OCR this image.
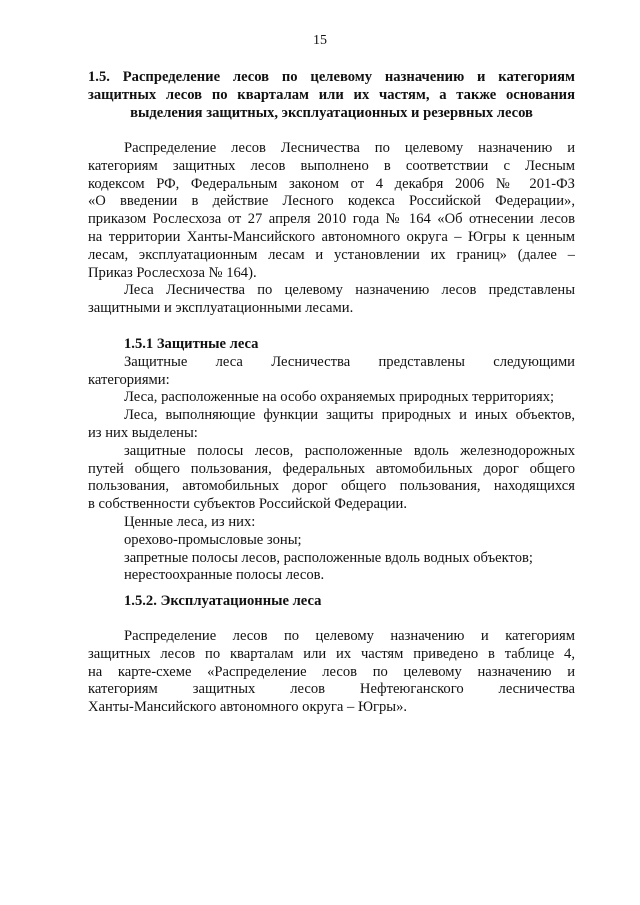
15
1.5. Распределение лесов по целевому назначению и категориям
защитных лесов по кварталам или их частям, а также основания
выделения защитных, эксплуатационных и резервных лесов
Распределение лесов Лесничества по целевому назначению и
категориям защитных лесов выполнено в соответствии с Лесным
кодексом РФ, Федеральным законом от 4 декабря 2006 № 201-ФЗ
«О введении в действие Лесного кодекса Российской Федерации»,
приказом Рослесхоза от 27 апреля 2010 года № 164 «Об отнесении лесов
на территории Ханты-Мансийского автономного округа – Югры к ценным
лесам, эксплуатационным лесам и установлении их границ» (далее –
Приказ Рослесхоза № 164).
Леса Лесничества по целевому назначению лесов представлены
защитными и эксплуатационными лесами.
1.5.1 Защитные леса
Защитные леса Лесничества представлены следующими
категориями:
Леса, расположенные на особо охраняемых природных территориях;
Леса, выполняющие функции защиты природных и иных объектов,
из них выделены:
защитные полосы лесов, расположенные вдоль железнодорожных
путей общего пользования, федеральных автомобильных дорог общего
пользования, автомобильных дорог общего пользования, находящихся
в собственности субъектов Российской Федерации.
Ценные леса, из них:
орехово-промысловые зоны;
запретные полосы лесов, расположенные вдоль водных объектов;
нерестоохранные полосы лесов.
1.5.2. Эксплуатационные леса
Распределение лесов по целевому назначению и категориям
защитных лесов по кварталам или их частям приведено в таблице 4,
на карте-схеме «Распределение лесов по целевому назначению и
категориям защитных лесов Нефтеюганского лесничества
Ханты-Мансийского автономного округа – Югры».
